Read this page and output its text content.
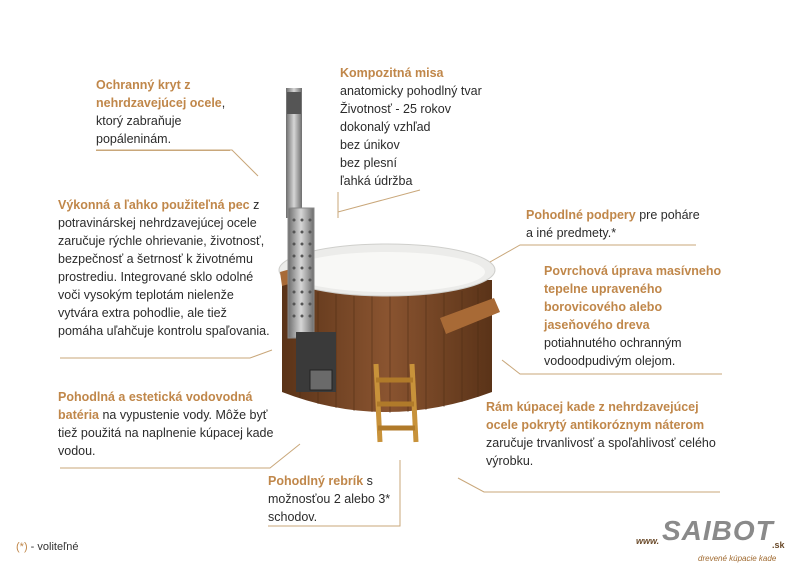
Ochranný kryt z nehrdzavejúcej ocele, ktorý zabraňuje popáleninám.
Kompozitná misa
anatomicky pohodlný tvar
Životnosť - 25 rokov
dokonalý vzhľad
bez únikov
bez plesní
ľahká údržba
Výkonná a ľahko použiteľná pec z potravinárskej nehrdzavejúcej ocele zaručuje rýchle ohrievanie, životnosť, bezpečnosť a šetrnosť k životnému prostrediu. Integrované sklo odolné voči vysokým teplotám nielenže vytvára extra pohodlie, ale tiež pomáha uľahčuje kontrolu spaľovania.
Pohodlné podpery pre poháre a iné predmety.*
Povrchová úprava masívneho tepelne upraveného borovicového alebo jaseňového dreva potiahnutého ochranným vodoodpudivým olejom.
Pohodlná a estetická vodovodná batéria na vypustenie vody. Môže byť tiež použitá na naplnenie kúpacej kade vodou.
Rám kúpacej kade z nehrdzavejúcej ocele pokrytý antikoróznym náterom zaručuje trvanlivosť a spoľahlivosť celého výrobku.
Pohodlný rebrík s možnosťou 2 alebo 3* schodov.
(*) - voliteľné	www. SAIBOT
.sk
drevené kúpacie kade
